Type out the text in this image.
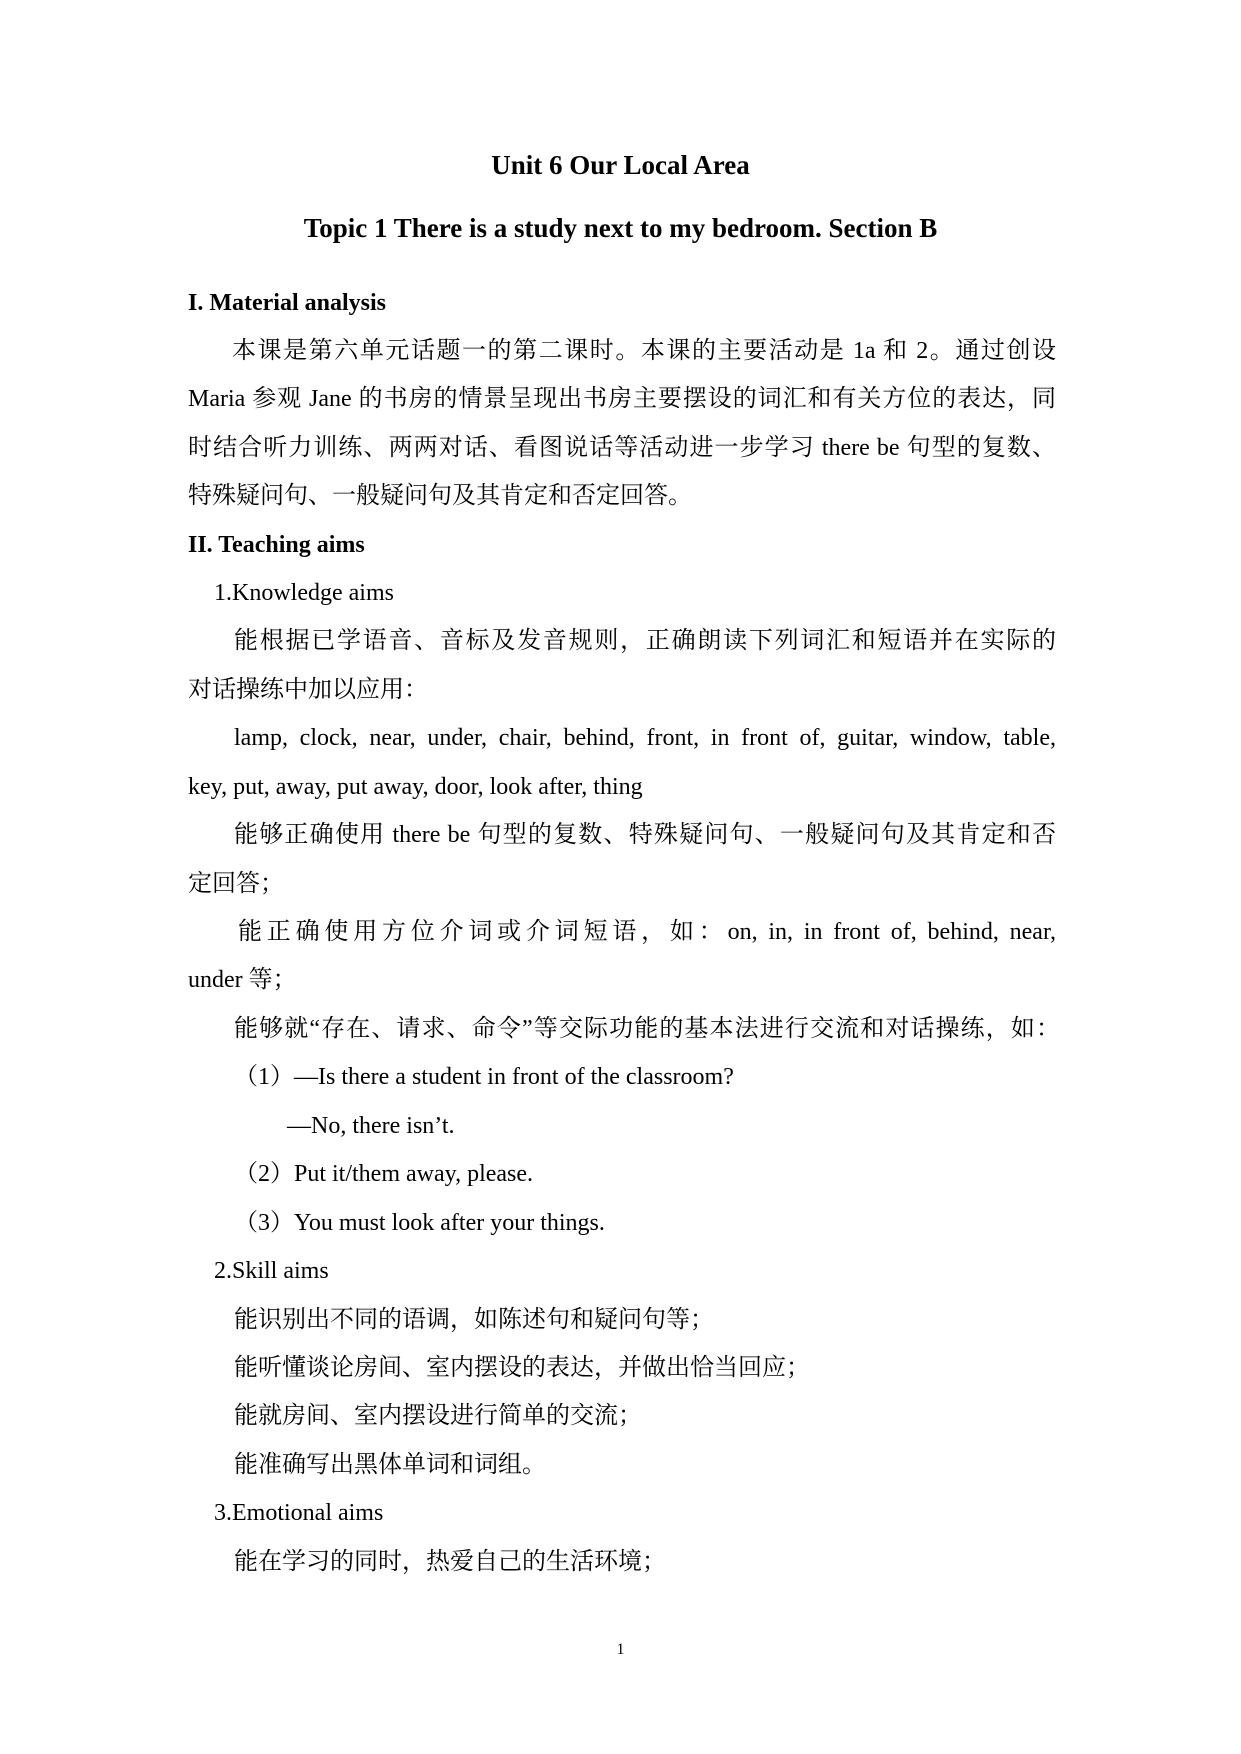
Unit 6 Our Local Area
Topic 1 There is a study next to my bedroom. Section B
I. Material analysis
本课是第六单元话题一的第二课时。本课的主要活动是 1a 和 2。通过创设
Maria 参观 Jane 的书房的情景呈现出书房主要摆设的词汇和有关方位的表达，同
时结合听力训练、两两对话、看图说话等活动进一步学习 there be 句型的复数、
特殊疑问句、一般疑问句及其肯定和否定回答。
II. Teaching aims
1.Knowledge aims
能根据已学语音、音标及发音规则，正确朗读下列词汇和短语并在实际的
对话操练中加以应用：
lamp, clock, near, under, chair, behind, front, in front of, guitar, window, table,
key, put, away, put away, door, look after, thing
能够正确使用 there be 句型的复数、特殊疑问句、一般疑问句及其肯定和否
定回答；
能正确使用方位介词或介词短语，如：on, in, in front of, behind, near,
under 等；
能够就“存在、请求、命令”等交际功能的基本法进行交流和对话操练，如：
（1）—Is there a student in front of the classroom?
—No, there isn’t.
（2）Put it/them away, please.
（3）You must look after your things.
2.Skill aims
能识别出不同的语调，如陈述句和疑问句等；
能听懂谈论房间、室内摆设的表达，并做出恰当回应；
能就房间、室内摆设进行简单的交流；
能准确写出黑体单词和词组。
3.Emotional aims
能在学习的同时，热爱自己的生活环境；
1
